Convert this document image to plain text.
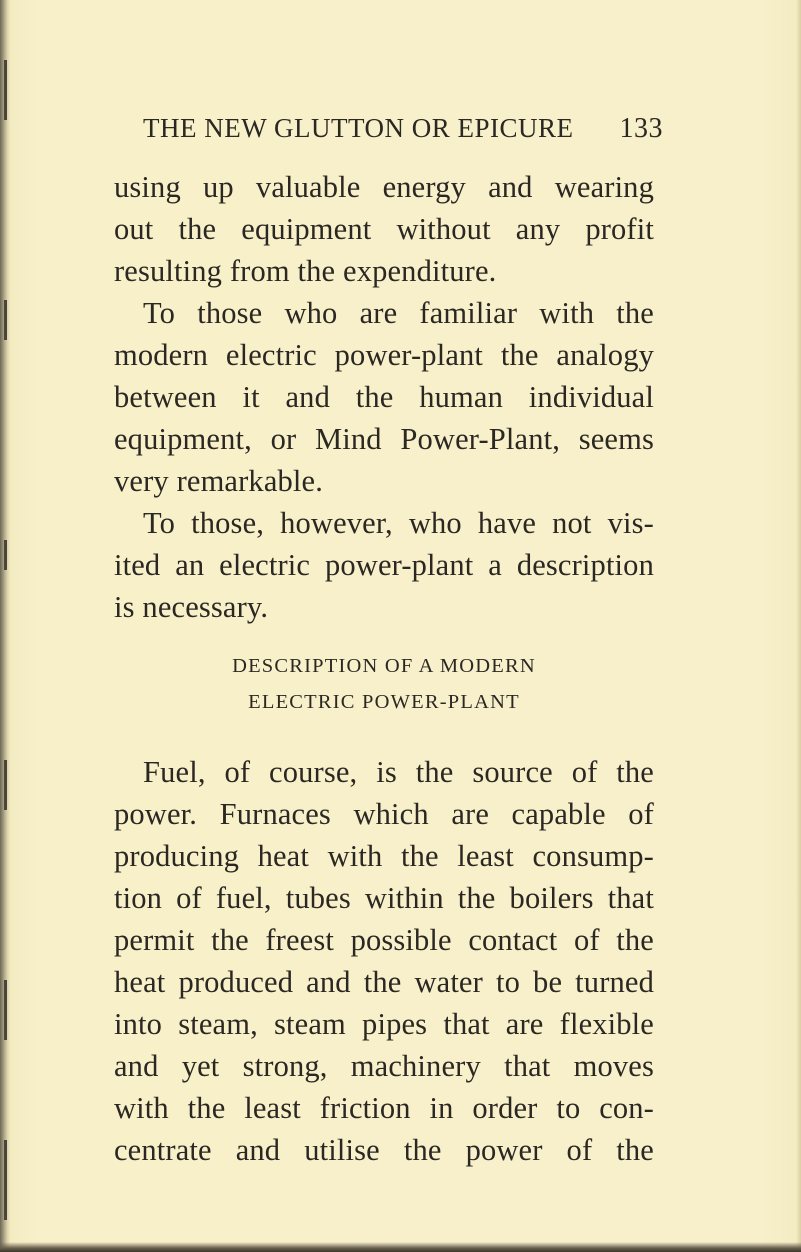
THE NEW GLUTTON OR EPICURE 133
using up valuable energy and wearing
out the equipment without any profit
resulting from the expenditure.
To those who are familiar with the
modern electric power-plant the analogy
between it and the human individual
equipment, or Mind Power-Plant, seems
very remarkable.
To those, however, who have not vis-
ited an electric power-plant a description
is necessary.
DESCRIPTION OF A MODERN
ELECTRIC POWER-PLANT
Fuel, of course, is the source of the
power. Furnaces which are capable of
producing heat with the least consump-
tion of fuel, tubes within the boilers that
permit the freest possible contact of the
heat produced and the water to be turned
into steam, steam pipes that are flexible
and yet strong, machinery that moves
with the least friction in order to con-
centrate and utilise the power of the
